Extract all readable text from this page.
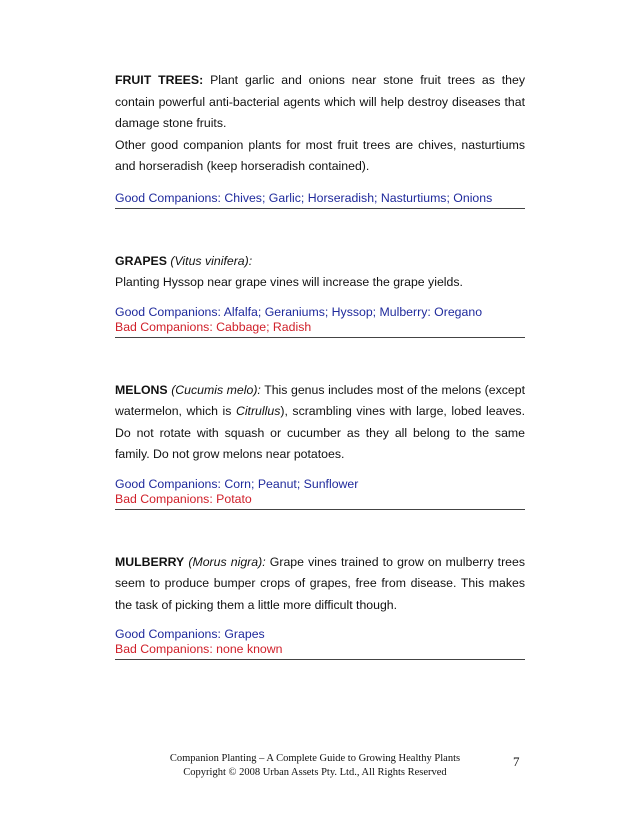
FRUIT TREES: Plant garlic and onions near stone fruit trees as they contain powerful anti-bacterial agents which will help destroy diseases that damage stone fruits.

Other good companion plants for most fruit trees are chives, nasturtiums and horseradish (keep horseradish contained).

Good Companions: Chives; Garlic; Horseradish; Nasturtiums; Onions

GRAPES (Vitus vinifera):

Planting Hyssop near grape vines will increase the grape yields.

Good Companions: Alfalfa; Geraniums; Hyssop; Mulberry: Oregano
Bad Companions: Cabbage; Radish

MELONS (Cucumis melo): This genus includes most of the melons (except watermelon, which is Citrullus), scrambling vines with large, lobed leaves. Do not rotate with squash or cucumber as they all belong to the same family. Do not grow melons near potatoes.

Good Companions: Corn; Peanut; Sunflower
Bad Companions: Potato

MULBERRY (Morus nigra): Grape vines trained to grow on mulberry trees seem to produce bumper crops of grapes, free from disease. This makes the task of picking them a little more difficult though.

Good Companions: Grapes
Bad Companions: none known
Companion Planting – A Complete Guide to Growing Healthy Plants
Copyright © 2008 Urban Assets Pty. Ltd., All Rights Reserved
7
